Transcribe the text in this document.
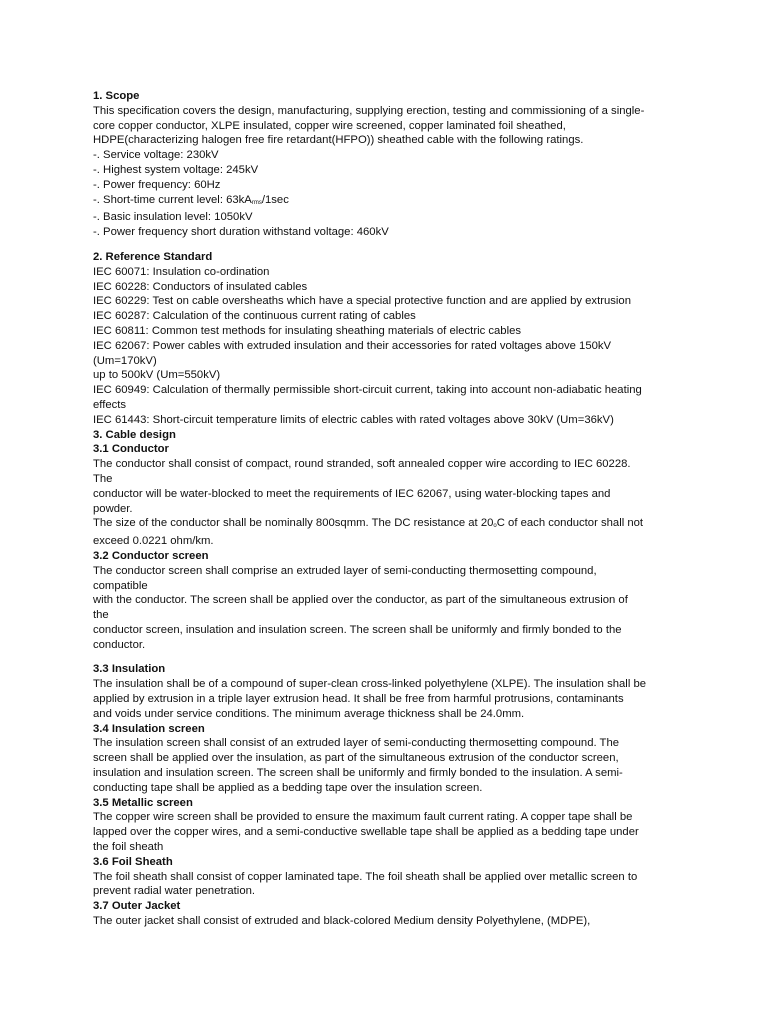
1. Scope
This specification covers the design, manufacturing, supplying erection, testing and commissioning of a single-
core copper conductor, XLPE insulated, copper wire screened, copper laminated foil sheathed,
HDPE(characterizing halogen free fire retardant(HFPO)) sheathed cable with the following ratings.
-. Service voltage: 230kV
-. Highest system voltage: 245kV
-. Power frequency: 60Hz
-. Short-time current level: $63kA_{rms}/1\sec$
-. Basic insulation level: 1050kV
-. Power frequency short duration withstand voltage: 460kV
2. Reference Standard
IEC 60071: Insulation co-ordination
IEC 60228: Conductors of insulated cables
IEC 60229: Test on cable oversheaths which have a special protective function and are applied by extrusion
IEC 60287: Calculation of the continuous current rating of cables
IEC 60811: Common test methods for insulating sheathing materials of electric cables
IEC 62067: Power cables with extruded insulation and their accessories for rated voltages above 150kV
(Um=170kV)
up to 500kV (Um=550kV)
IEC 60949: Calculation of thermally permissible short-circuit current, taking into account non-adiabatic heating
effects
IEC 61443: Short-circuit temperature limits of electric cables with rated voltages above 30kV (Um=36kV)
3. Cable design
3.1 Conductor
The conductor shall consist of compact, round stranded, soft annealed copper wire according to IEC 60228.
The
conductor will be water-blocked to meet the requirements of IEC 62067, using water-blocking tapes and
powder.
The size of the conductor shall be nominally 800sqmm. The DC resistance at $20_oC$ of each conductor shall not
exceed 0.0221 ohm/km.
3.2 Conductor screen
The conductor screen shall comprise an extruded layer of semi-conducting thermosetting compound,
compatible
with the conductor. The screen shall be applied over the conductor, as part of the simultaneous extrusion of
the
conductor screen, insulation and insulation screen. The screen shall be uniformly and firmly bonded to the
conductor.
3.3 Insulation
The insulation shall be of a compound of super-clean cross-linked polyethylene (XLPE). The insulation shall be
applied by extrusion in a triple layer extrusion head. It shall be free from harmful protrusions, contaminants
and voids under service conditions. The minimum average thickness shall be 24.0mm.
3.4 Insulation screen
The insulation screen shall consist of an extruded layer of semi-conducting thermosetting compound. The
screen shall be applied over the insulation, as part of the simultaneous extrusion of the conductor screen,
insulation and insulation screen. The screen shall be uniformly and firmly bonded to the insulation. A semi-
conducting tape shall be applied as a bedding tape over the insulation screen.
3.5 Metallic screen
The copper wire screen shall be provided to ensure the maximum fault current rating. A copper tape shall be
lapped over the copper wires, and a semi-conductive swellable tape shall be applied as a bedding tape under
the foil sheath
3.6 Foil Sheath
The foil sheath shall consist of copper laminated tape. The foil sheath shall be applied over metallic screen to
prevent radial water penetration.
3.7 Outer Jacket
The outer jacket shall consist of extruded and black-colored Medium density Polyethylene, (MDPE),
